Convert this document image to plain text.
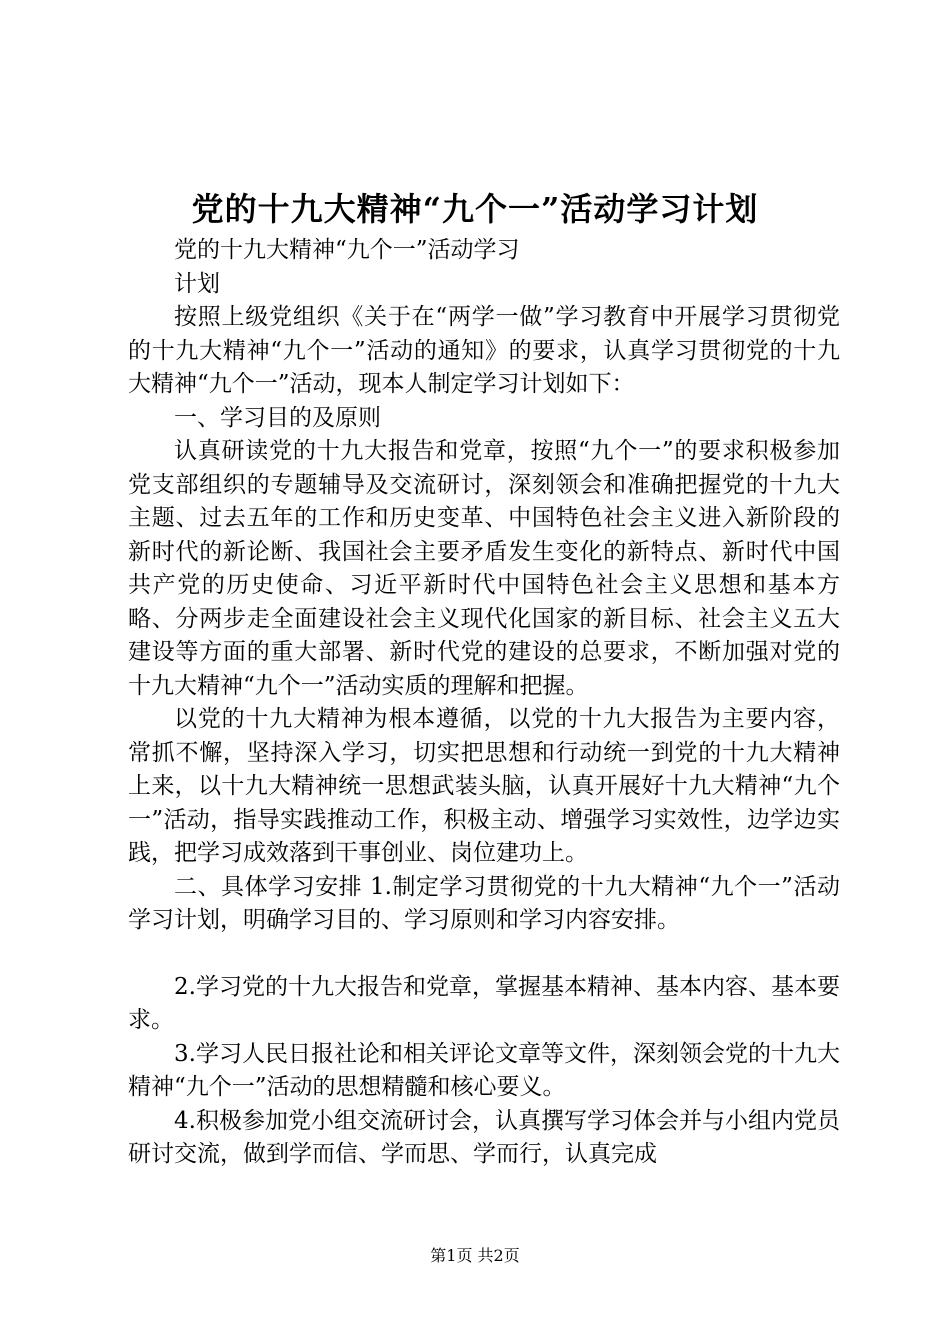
党的十九大精神“九个一”活动学习计划

党的十九大精神“九个一”活动学习

计划

按照上级党组织《关于在“两学一做”学习教育中开展学习贯彻党的十九大精神“九个一”活动的通知》的要求，认真学习贯彻党的十九大精神“九个一”活动，现本人制定学习计划如下：

一、学习目的及原则

认真研读党的十九大报告和党章，按照“九个一”的要求积极参加党支部组织的专题辅导及交流研讨，深刻领会和准确把握党的十九大主题、过去五年的工作和历史变革、中国特色社会主义进入新阶段的新时代的新论断、我国社会主要矛盾发生变化的新特点、新时代中国共产党的历史使命、习近平新时代中国特色社会主义思想和基本方略、分两步走全面建设社会主义现代化国家的新目标、社会主义五大建设等方面的重大部署、新时代党的建设的总要求，不断加强对党的十九大精神“九个一”活动实质的理解和把握。

以党的十九大精神为根本遵循，以党的十九大报告为主要内容，常抓不懈，坚持深入学习，切实把思想和行动统一到党的十九大精神上来，以十九大精神统一思想武装头脑，认真开展好十九大精神“九个一”活动，指导实践推动工作，积极主动、增强学习实效性，边学边实践，把学习成效落到干事创业、岗位建功上。

二、具体学习安排 1.制定学习贯彻党的十九大精神“九个一”活动学习计划，明确学习目的、学习原则和学习内容安排。

2.学习党的十九大报告和党章，掌握基本精神、基本内容、基本要求。

3.学习人民日报社论和相关评论文章等文件，深刻领会党的十九大精神“九个一”活动的思想精髓和核心要义。

4.积极参加党小组交流研讨会，认真撰写学习体会并与小组内党员研讨交流，做到学而信、学而思、学而行，认真完成

第1页 共2页
